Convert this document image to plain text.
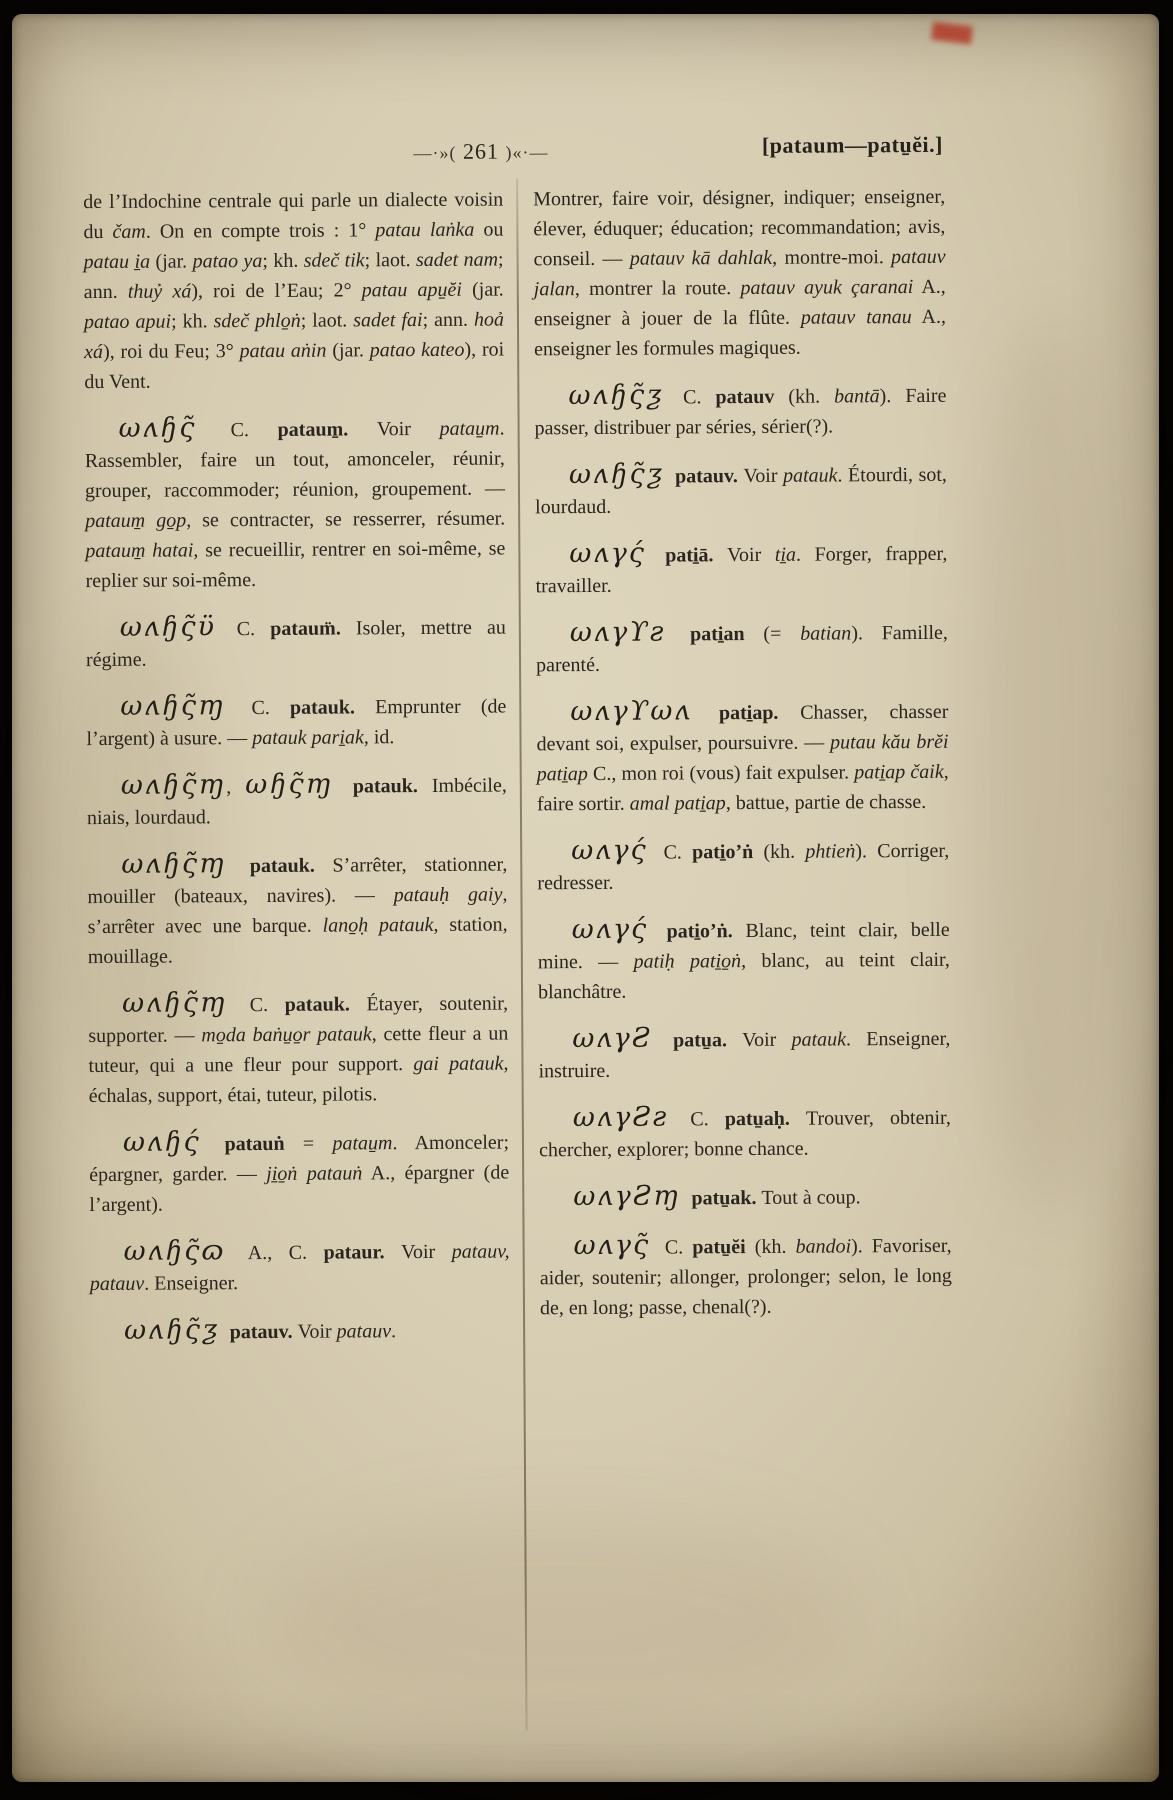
—·»( 261 )«·—	[pataum—patu̱ĕi.]

de l’Indochine centrale qui parle un dialecte voisin du čam. On en compte trois : 1° patau laṅka ou patau i̱a (jar. patao ya; kh. sdeč tik; laot. sadet nam; ann. thuỷ xá), roi de l’Eau; 2° patau apu̱ĕi (jar. patao apui; kh. sdeč phlo̱ṅ; laot. sadet fai; ann. hoả xá), roi du Feu; 3° patau aṅin (jar. patao kateo), roi du Vent.

ωʌɧς̃ C. pataum̱. Voir patau̱m. Rassembler, faire un tout, amonceler, réunir, grouper, raccommoder; réunion, groupement. — pataum̱ go̱p, se contracter, se resserrer, résumer. pataum̱ hatai, se recueillir, rentrer en soi-même, se replier sur soi-même.

ωʌɧς̃ϋ C. pataum̈. Isoler, mettre au régime.

ωʌɧς̃ɱ C. patauk. Emprunter (de l’argent) à usure. — patauk pari̱ak, id.

ωʌɧς̃ɱ, ωɧς̃ɱ patauk. Imbécile, niais, lourdaud.

ωʌɧς̃ɱ patauk. S’arrêter, stationner, mouiller (bateaux, navires). — patauḥ gaiy, s’arrêter avec une barque. lano̱ḥ patauk, station, mouillage.

ωʌɧς̃ɱ C. patauk. Étayer, soutenir, supporter. — mo̱da baṅu̱o̱r patauk, cette fleur a un tuteur, qui a une fleur pour support. gai patauk, échalas, support, étai, tuteur, pilotis.

ωʌɧς́ patauṅ = patau̱m. Amonceler; épargner, garder. — ji̱o̱ṅ patauṅ A., épargner (de l’argent).

ωʌɧς̃ɷ A., C. pataur. Voir patauv, patauv. Enseigner.

ωʌɧς̃ƺ patauv. Voir patauv.

Montrer, faire voir, désigner, indiquer; enseigner, élever, éduquer; éducation; recommandation; avis, conseil. — patauv kā dahlak, montre-moi. patauv jalan, montrer la route. patauv ayuk çaranai A., enseigner à jouer de la flûte. patauv tanau A., enseigner les formules magiques.

ωʌɧς̃ƺ C. patauv (kh. bantā). Faire passer, distribuer par séries, sérier(?).

ωʌɧς̃ƺ patauv. Voir patauk. Étourdi, sot, lourdaud.

ωʌγς́ pati̱ā. Voir ti̱a. Forger, frapper, travailler.

ωʌγϒƨ pati̱an (= batian). Famille, parenté.

ωʌγϒωʌ pati̱ap. Chasser, chasser devant soi, expulser, poursuivre. — putau kău brĕi pati̱ap C., mon roi (vous) fait expulser. pati̱ap čaik, faire sortir. amal pati̱ap, battue, partie de chasse.

ωʌγς́ C. pati̱o’ṅ (kh. phtieṅ). Corriger, redresser.

ωʌγς́ pati̱o’ṅ. Blanc, teint clair, belle mine. — patiḥ pati̱o̱ṅ, blanc, au teint clair, blanchâtre.

ωʌγƧ patu̱a. Voir patauk. Enseigner, instruire.

ωʌγƧƨ C. patu̱aḥ. Trouver, obtenir, chercher, explorer; bonne chance.

ωʌγƧɱ patu̱ak. Tout à coup.

ωʌγς̃ C. patu̱ĕi (kh. bandoi). Favoriser, aider, soutenir; allonger, prolonger; selon, le long de, en long; passe, chenal(?).
